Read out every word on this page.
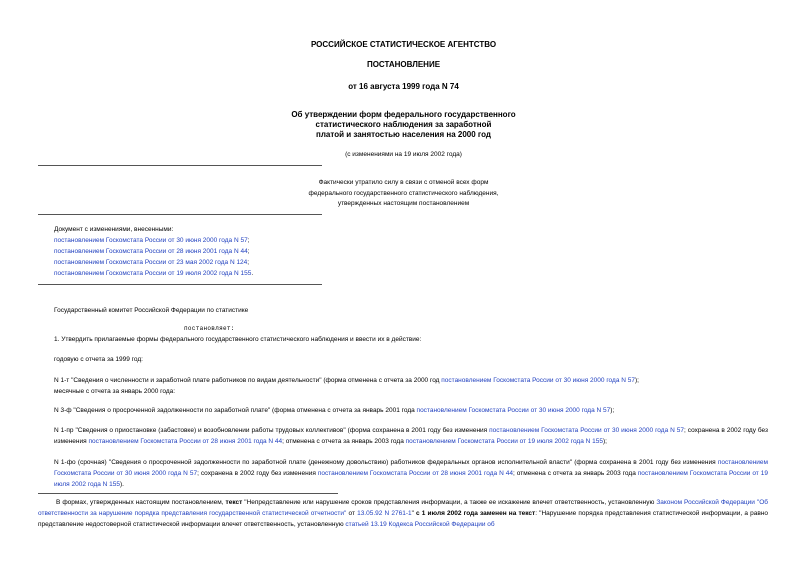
РОССИЙСКОЕ СТАТИСТИЧЕСКОЕ АГЕНТСТВО
ПОСТАНОВЛЕНИЕ
от 16 августа 1999 года N 74
Об утверждении форм федерального государственного
статистического наблюдения за заработной
платой и занятостью населения на 2000 год
(с изменениями на 19 июля 2002 года)
Фактически утратило силу в связи с отменой всех форм
федерального государственного статистического наблюдения,
утвержденных настоящим постановлением
Документ с изменениями, внесенными:
постановлением Госкомстата России от 30 июня 2000 года N 57;
постановлением Госкомстата России от 28 июня 2001 года N 44;
постановлением Госкомстата России от 23 мая 2002 года N 124;
постановлением Госкомстата России от 19 июля 2002 года N 155.
Государственный комитет Российской Федерации по статистике
постановляет:
1. Утвердить прилагаемые формы федерального государственного статистического наблюдения и ввести их в действие:
годовую с отчета за 1999 год:
N 1-т "Сведения о численности и заработной плате работников по видам деятельности" (форма отменена с отчета за 2000 год постановлением Госкомстата России от 30 июня 2000 года N 57);
месячные с отчета за январь 2000 года:
N 3-ф "Сведения о просроченной задолженности по заработной плате" (форма отменена с отчета за январь 2001 года постановлением Госкомстата России от 30 июня 2000 года N 57);
N 1-пр "Сведения о приостановке (забастовке) и возобновлении работы трудовых коллективов" (форма сохранена в 2001 году без изменения постановлением Госкомстата России от 30 июня 2000 года N 57; сохранена в 2002 году без изменения постановлением Госкомстата России от 28 июня 2001 года N 44; отменена с отчета за январь 2003 года постановлением Госкомстата России от 19 июля 2002 года N 155);
N 1-фо (срочная) "Сведения о просроченной задолженности по заработной плате (денежному довольствию) работников федеральных органов исполнительной власти" (форма сохранена в 2001 году без изменения постановлением Госкомстата России от 30 июня 2000 года N 57; сохранена в 2002 году без изменения постановлением Госкомстата России от 28 июня 2001 года N 44; отменена с отчета за январь 2003 года постановлением Госкомстата России от 19 июля 2002 года N 155).
В формах, утвержденных настоящим постановлением, текст "Непредставление или нарушение сроков представления информации, а также ее искажение влечет ответственность, установленную Законом Российской Федерации "Об ответственности за нарушение порядка представления государственной статистической отчетности" от 13.05.92 N 2761-1" с 1 июля 2002 года заменен на текст: "Нарушение порядка представления статистической информации, а равно представление недостоверной статистической информации влечет ответственность, установленную статьей 13.19 Кодекса Российской Федерации об
